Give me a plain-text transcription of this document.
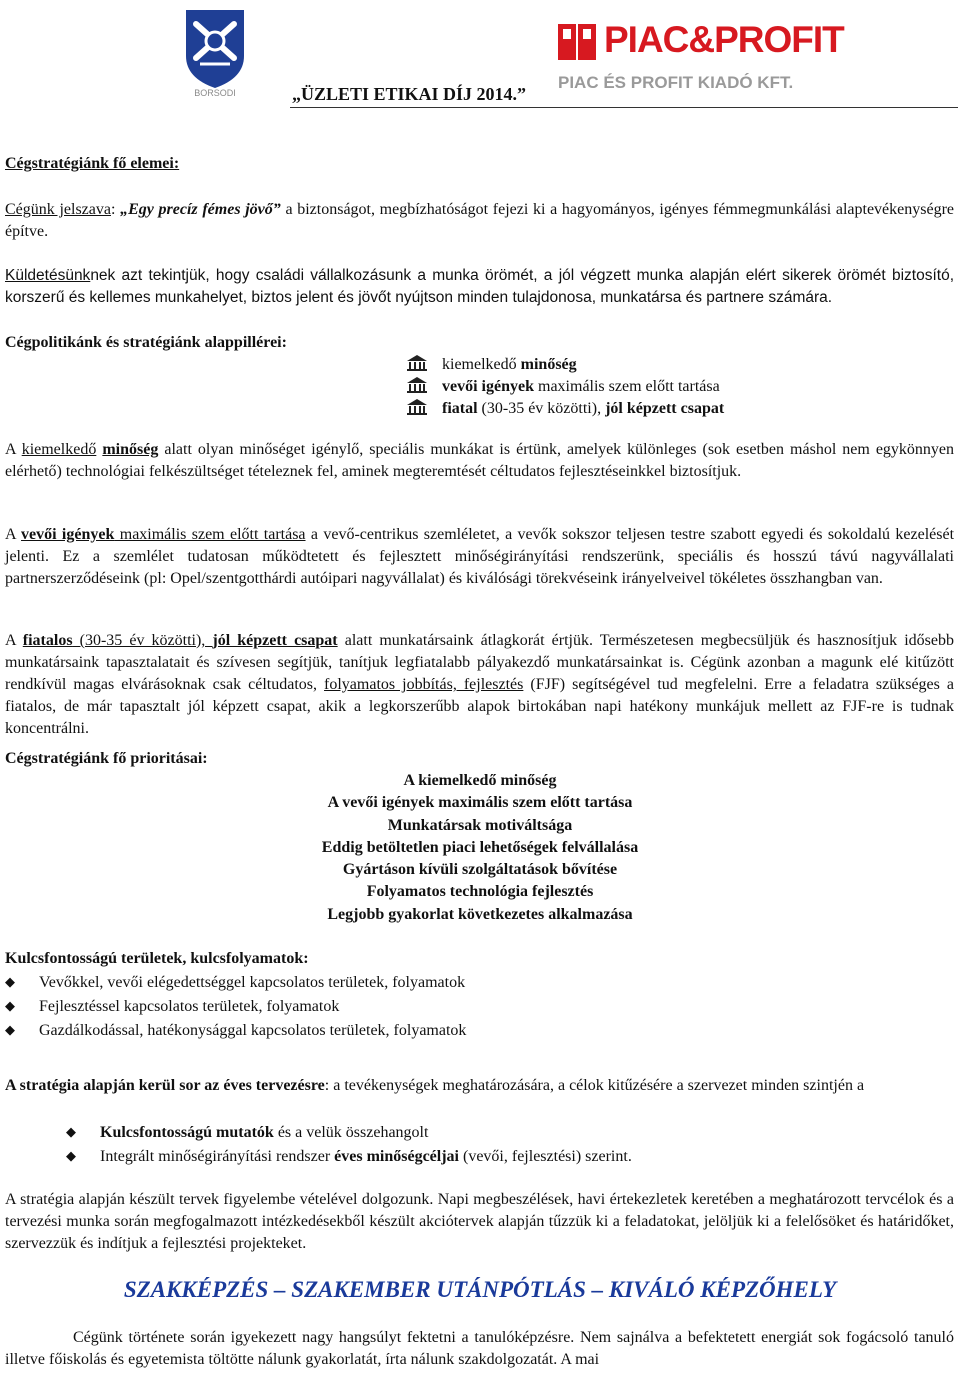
BORSODI
PIAC&PROFIT
PIAC ÉS PROFIT KIADÓ KFT.
„ÜZLETI ETIKAI DÍJ 2014.”

Cégstratégiánk fő elemei:

Cégünk jelszava: „Egy precíz fémes jövő” a biztonságot, megbízhatóságot fejezi ki a hagyományos, igényes fémmegmunkálási alaptevékenységre építve.

Küldetésünknek azt tekintjük, hogy családi vállalkozásunk a munka örömét, a jól végzett munka alapján elért sikerek örömét biztosító, korszerű és kellemes munkahelyet, biztos jelent és jövőt nyújtson minden tulajdonosa, munkatársa és partnere számára.

Cégpolitikánk és stratégiánk alappillérei:

kiemelkedő minőség
vevői igények maximális szem előtt tartása
fiatal (30-35 év közötti), jól képzett csapat

A kiemelkedő minőség alatt olyan minőséget igénylő, speciális munkákat is értünk, amelyek különleges (sok esetben máshol nem egykönnyen elérhető) technológiai felkészültséget tételeznek fel, aminek megteremtését céltudatos fejlesztéseinkkel biztosítjuk.

A vevői igények maximális szem előtt tartása a vevő-centrikus szemléletet, a vevők sokszor teljesen testre szabott egyedi és sokoldalú kezelését jelenti. Ez a szemlélet tudatosan működtetett és fejlesztett minőségirányítási rendszerünk, speciális és hosszú távú nagyvállalati partnerszerződéseink (pl: Opel/szentgotthárdi autóipari nagyvállalat) és kiválósági törekvéseink irányelveivel tökéletes összhangban van.

A fiatalos (30-35 év közötti), jól képzett csapat alatt munkatársaink átlagkorát értjük. Természetesen megbecsüljük és hasznosítjuk idősebb munkatársaink tapasztalatait és szívesen segítjük, tanítjuk legfiatalabb pályakezdő munkatársainkat is. Cégünk azonban a magunk elé kitűzött rendkívül magas elvárásoknak csak céltudatos, folyamatos jobbítás, fejlesztés (FJF) segítségével tud megfelelni. Erre a feladatra szükséges a fiatalos, de már tapasztalt jól képzett csapat, akik a legkorszerűbb alapok birtokában napi hatékony munkájuk mellett az FJF-re is tudnak koncentrálni.

Cégstratégiánk fő prioritásai:

A kiemelkedő minőség
A vevői igények maximális szem előtt tartása
Munkatársak motiváltsága
Eddig betöltetlen piaci lehetőségek felvállalása
Gyártáson kívüli szolgáltatások bővítése
Folyamatos technológia fejlesztés
Legjobb gyakorlat következetes alkalmazása

Kulcsfontosságú területek, kulcsfolyamatok:

◆ Vevőkkel, vevői elégedettséggel kapcsolatos területek, folyamatok
◆ Fejlesztéssel kapcsolatos területek, folyamatok
◆ Gazdálkodással, hatékonysággal kapcsolatos területek, folyamatok

A stratégia alapján kerül sor az éves tervezésre: a tevékenységek meghatározására, a célok kitűzésére a szervezet minden szintjén a

◆ Kulcsfontosságú mutatók és a velük összehangolt
◆ Integrált minőségirányítási rendszer éves minőségcéljai (vevői, fejlesztési) szerint.

A stratégia alapján készült tervek figyelembe vételével dolgozunk. Napi megbeszélések, havi értekezletek keretében a meghatározott tervcélok és a tervezési munka során megfogalmazott intézkedésekből készült akciótervek alapján tűzzük ki a feladatokat, jelöljük ki a felelősöket és határidőket, szervezzük és indítjuk a fejlesztési projekteket.

SZAKKÉPZÉS – SZAKEMBER UTÁNPÓTLÁS – KIVÁLÓ KÉPZŐHELY

Cégünk története során igyekezett nagy hangsúlyt fektetni a tanulóképzésre. Nem sajnálva a befektetett energiát sok fogácsoló tanuló illetve főiskolás és egyetemista töltötte nálunk gyakorlatát, írta nálunk szakdolgozatát. A mai
